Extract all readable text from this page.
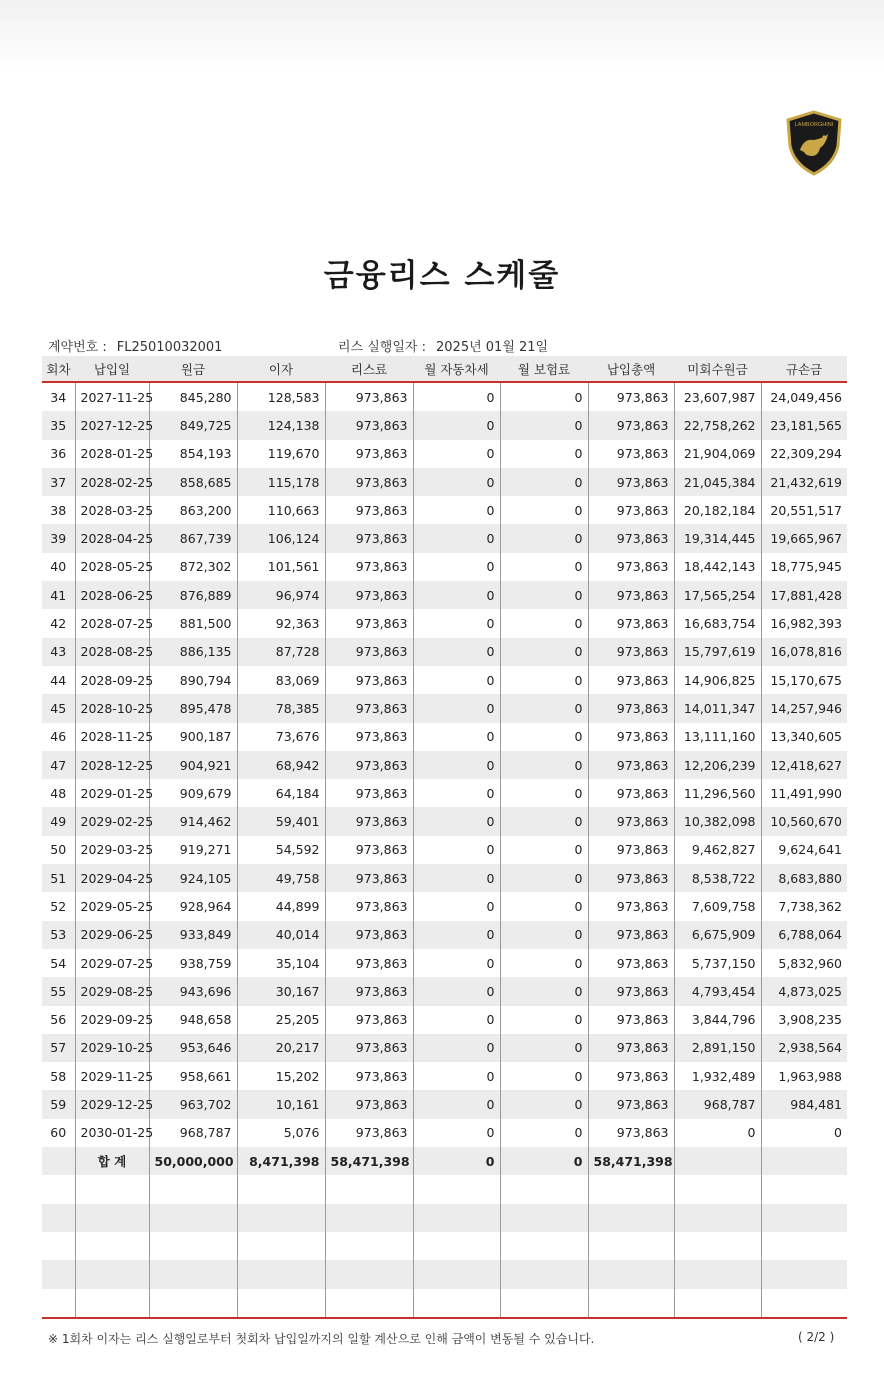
LAMBORGHINI
금융리스 스케줄
계약번호 : FL25010032001	리스 실행일자 : 2025년 01월 21일
회차	납입일	원금	이자	리스료	월 자동차세	월 보험료	납입총액	미회수원금	규손금
34	2027-11-25	845,280	128,583	973,863	0	0	973,863	23,607,987	24,049,456
35	2027-12-25	849,725	124,138	973,863	0	0	973,863	22,758,262	23,181,565
36	2028-01-25	854,193	119,670	973,863	0	0	973,863	21,904,069	22,309,294
37	2028-02-25	858,685	115,178	973,863	0	0	973,863	21,045,384	21,432,619
38	2028-03-25	863,200	110,663	973,863	0	0	973,863	20,182,184	20,551,517
39	2028-04-25	867,739	106,124	973,863	0	0	973,863	19,314,445	19,665,967
40	2028-05-25	872,302	101,561	973,863	0	0	973,863	18,442,143	18,775,945
41	2028-06-25	876,889	96,974	973,863	0	0	973,863	17,565,254	17,881,428
42	2028-07-25	881,500	92,363	973,863	0	0	973,863	16,683,754	16,982,393
43	2028-08-25	886,135	87,728	973,863	0	0	973,863	15,797,619	16,078,816
44	2028-09-25	890,794	83,069	973,863	0	0	973,863	14,906,825	15,170,675
45	2028-10-25	895,478	78,385	973,863	0	0	973,863	14,011,347	14,257,946
46	2028-11-25	900,187	73,676	973,863	0	0	973,863	13,111,160	13,340,605
47	2028-12-25	904,921	68,942	973,863	0	0	973,863	12,206,239	12,418,627
48	2029-01-25	909,679	64,184	973,863	0	0	973,863	11,296,560	11,491,990
49	2029-02-25	914,462	59,401	973,863	0	0	973,863	10,382,098	10,560,670
50	2029-03-25	919,271	54,592	973,863	0	0	973,863	9,462,827	9,624,641
51	2029-04-25	924,105	49,758	973,863	0	0	973,863	8,538,722	8,683,880
52	2029-05-25	928,964	44,899	973,863	0	0	973,863	7,609,758	7,738,362
53	2029-06-25	933,849	40,014	973,863	0	0	973,863	6,675,909	6,788,064
54	2029-07-25	938,759	35,104	973,863	0	0	973,863	5,737,150	5,832,960
55	2029-08-25	943,696	30,167	973,863	0	0	973,863	4,793,454	4,873,025
56	2029-09-25	948,658	25,205	973,863	0	0	973,863	3,844,796	3,908,235
57	2029-10-25	953,646	20,217	973,863	0	0	973,863	2,891,150	2,938,564
58	2029-11-25	958,661	15,202	973,863	0	0	973,863	1,932,489	1,963,988
59	2029-12-25	963,702	10,161	973,863	0	0	973,863	968,787	984,481
60	2030-01-25	968,787	5,076	973,863	0	0	973,863	0	0
	합 계	50,000,000	8,471,398	58,471,398	0	0	58,471,398		

※ 1회차 이자는 리스 실행일로부터 첫회차 납입일까지의 일할 계산으로 인해 금액이 변동될 수 있습니다.	( 2/2 )
